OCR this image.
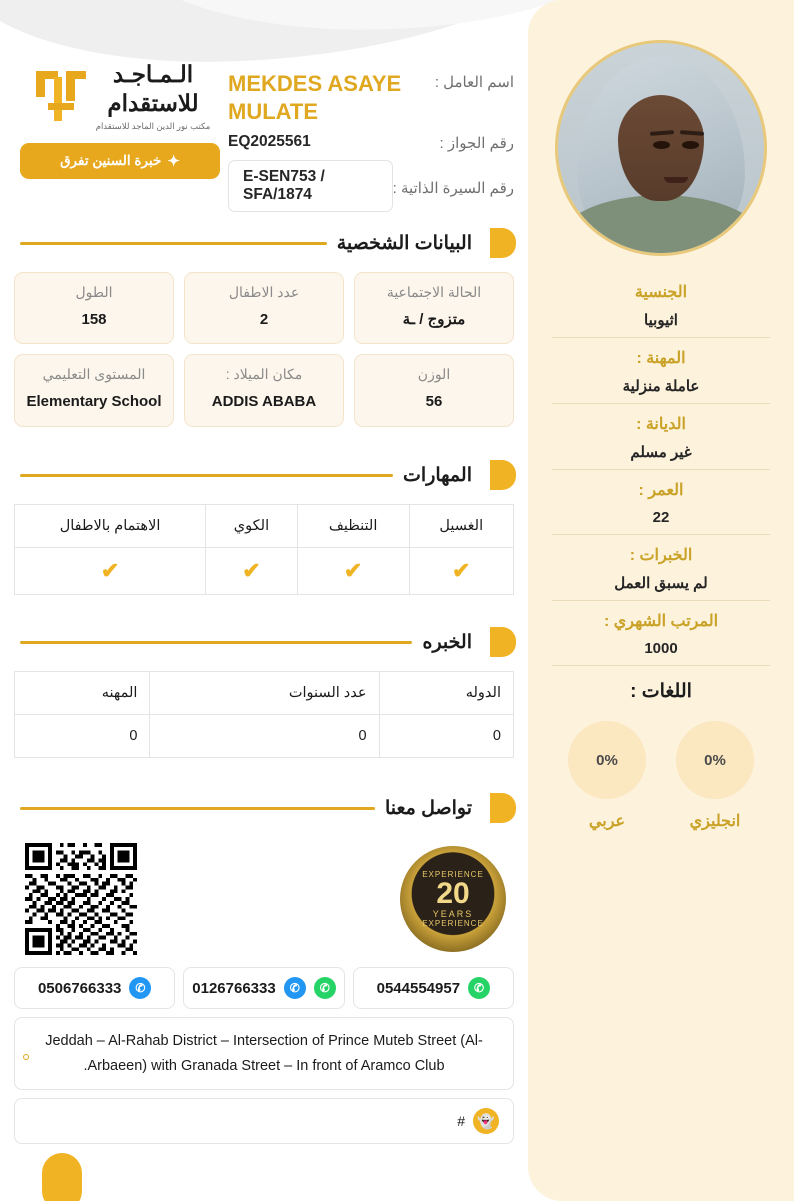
الجنسية
اثيوبيا
المهنة :
عاملة منزلية
الديانة :
غير مسلم
العمر :
22
الخبرات :
لم يسبق العمل
المرتب الشهري :
1000
اللغات :
0%
انجليزي
0%
عربي
الـمـاجـد
للاستقدام
مكتب نور الدين الماجد للاستقدام
✦
خبرة السنين تفرق
اسم العامل :
MEKDES ASAYE MULATE
رقم الجواز :
EQ2025561
رقم السيرة الذاتية :
E-SEN753 / SFA/1874
البيانات الشخصية
الحالة الاجتماعية
متزوج / ـة
عدد الاطفال
2
الطول
158
الوزن
56
مكان الميلاد :
ADDIS ABABA
المستوى التعليمي
Elementary School
المهارات
الغسيل	التنظيف	الكوي	الاهتمام بالاطفال
✔	✔	✔	✔
الخبره
الدوله	عدد السنوات	المهنه
0	0	0
تواصل معنا
EXPERIENCE
20
YEARS
EXPERIENCE
0544554957	✆
0126766333	✆	✆
0506766333	✆
Jeddah – Al-Rahab District – Intersection of Prince Muteb Street (Al-Arbaeen) with Granada Street – In front of Aramco Club.
👻
#
